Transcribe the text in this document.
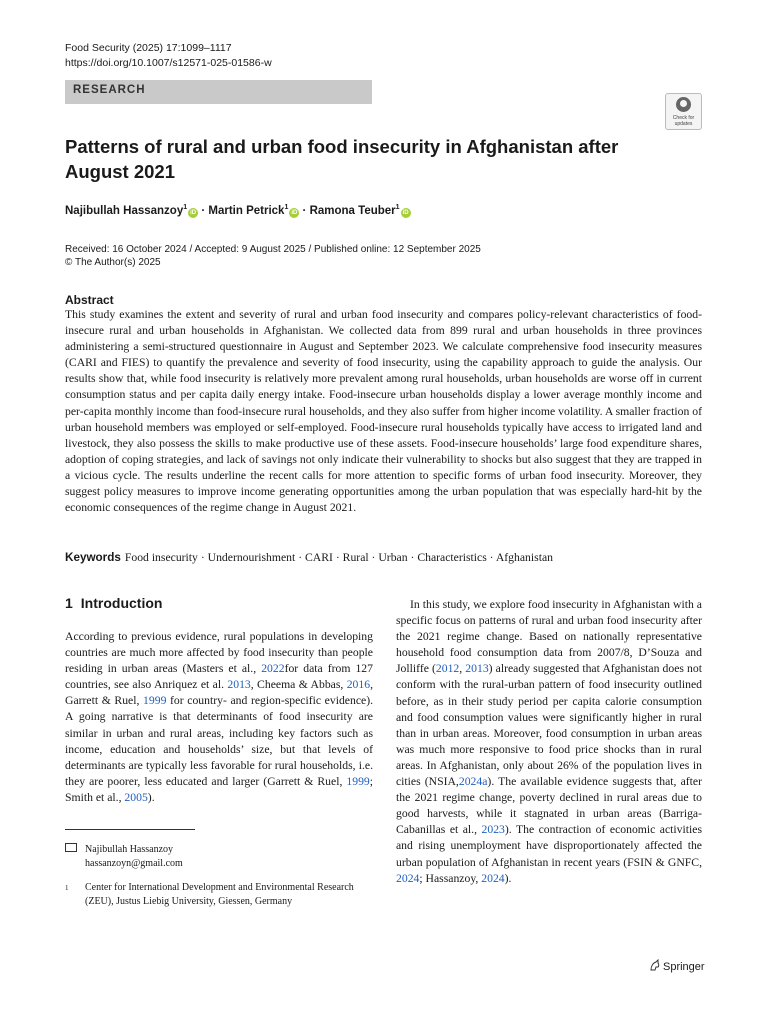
Food Security (2025) 17:1099–1117
https://doi.org/10.1007/s12571-025-01586-w
RESEARCH
Check for
updates
Patterns of rural and urban food insecurity in Afghanistan after August 2021
Najibullah Hassanzoy$^1$iD · Martin Petrick$^1$iD · Ramona Teuber$^1$iD
Received: 16 October 2024 / Accepted: 9 August 2025 / Published online: 12 September 2025
© The Author(s) 2025
Abstract

This study examines the extent and severity of rural and urban food insecurity and compares policy-relevant characteristics of food-insecure rural and urban households in Afghanistan. We collected data from 899 rural and urban households in three provinces administering a semi-structured questionnaire in August and September 2023. We calculate comprehensive food insecurity measures (CARI and FIES) to quantify the prevalence and severity of food insecurity, using the capability approach to guide the analysis. Our results show that, while food insecurity is relatively more prevalent among rural households, urban households are worse off in current consumption status and per capita daily energy intake. Food-insecure urban households display a lower average monthly income and per-capita monthly income than food-insecure rural households, and they also suffer from higher income volatility. A smaller fraction of urban household members was employed or self-employed. Food-insecure rural households typically have access to irrigated land and livestock, they also possess the skills to make productive use of these assets. Food-insecure households’ large food expenditure shares, adoption of coping strategies, and lack of savings not only indicate their vulnerability to shocks but also suggest that they are trapped in a vicious cycle. The results underline the recent calls for more attention to specific forms of urban food insecurity. Moreover, they suggest policy measures to improve income generating opportunities among the urban population that was especially hard-hit by the economic consequences of the regime change in August 2021.

Keywords Food insecurity · Undernourishment · CARI · Rural · Urban · Characteristics · Afghanistan
1 Introduction

According to previous evidence, rural populations in developing countries are much more affected by food insecurity than people residing in urban areas (Masters et al., 2022for data from 127 countries, see also Anriquez et al. 2013, Cheema & Abbas, 2016, Garrett & Ruel, 1999 for country- and region-specific evidence). A going narrative is that determinants of food insecurity are similar in urban and rural areas, including key factors such as income, education and households’ size, but that levels of determinants are typically less favorable for rural households, i.e. they are poorer, less educated and larger (Garrett & Ruel, 1999; Smith et al., 2005).

In this study, we explore food insecurity in Afghanistan with a specific focus on patterns of rural and urban food insecurity after the 2021 regime change. Based on nationally representative household food consumption data from 2007/8, D’Souza and Jolliffe (2012, 2013) already suggested that Afghanistan does not conform with the rural-urban pattern of food insecurity outlined before, as in their study period per capita calorie consumption and food consumption values were significantly higher in rural than in urban areas. Moreover, food consumption in urban areas was much more responsive to food price shocks than in rural areas. In Afghanistan, only about 26% of the population lives in cities (NSIA,2024a). The available evidence suggests that, after the 2021 regime change, poverty declined in rural areas due to good harvests, while it stagnated in urban areas (Barriga-Cabanillas et al., 2023). The contraction of economic activities and rising unemployment have disproportionately affected the urban population of Afghanistan in recent years (FSIN & GNFC, 2024; Hassanzoy, 2024).

Najibullah Hassanzoy
hassanzoyn@gmail.com
1	Center for International Development and Environmental Research (ZEU), Justus Liebig University, Giessen, Germany
Springer
